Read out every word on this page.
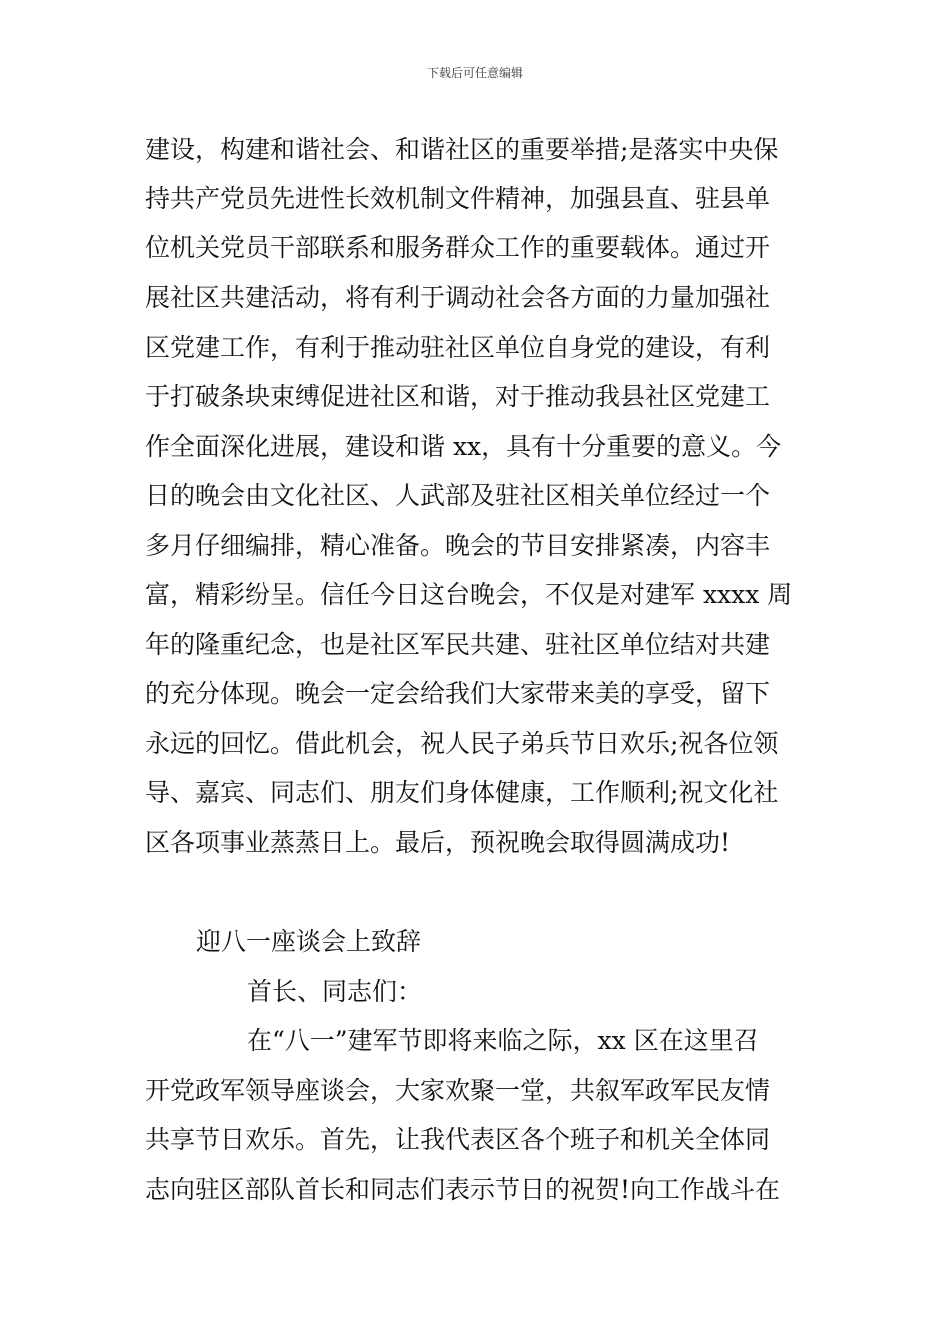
下载后可任意编辑
建设，构建和谐社会、和谐社区的重要举措;是落实中央保
持共产党员先进性长效机制文件精神，加强县直、驻县单
位机关党员干部联系和服务群众工作的重要载体。通过开
展社区共建活动，将有利于调动社会各方面的力量加强社
区党建工作，有利于推动驻社区单位自身党的建设，有利
于打破条块束缚促进社区和谐，对于推动我县社区党建工
作全面深化进展，建设和谐 xx，具有十分重要的意义。今
日的晚会由文化社区、人武部及驻社区相关单位经过一个
多月仔细编排，精心准备。晚会的节目安排紧凑，内容丰
富，精彩纷呈。信任今日这台晚会，不仅是对建军 xxxx 周
年的隆重纪念，也是社区军民共建、驻社区单位结对共建
的充分体现。晚会一定会给我们大家带来美的享受，留下
永远的回忆。借此机会，祝人民子弟兵节日欢乐;祝各位领
导、嘉宾、同志们、朋友们身体健康，工作顺利;祝文化社
区各项事业蒸蒸日上。最后，预祝晚会取得圆满成功!
迎八一座谈会上致辞
首长、同志们：
在“八一”建军节即将来临之际，xx 区在这里召
开党政军领导座谈会，大家欢聚一堂，共叙军政军民友情
共享节日欢乐。首先，让我代表区各个班子和机关全体同
志向驻区部队首长和同志们表示节日的祝贺!向工作战斗在
